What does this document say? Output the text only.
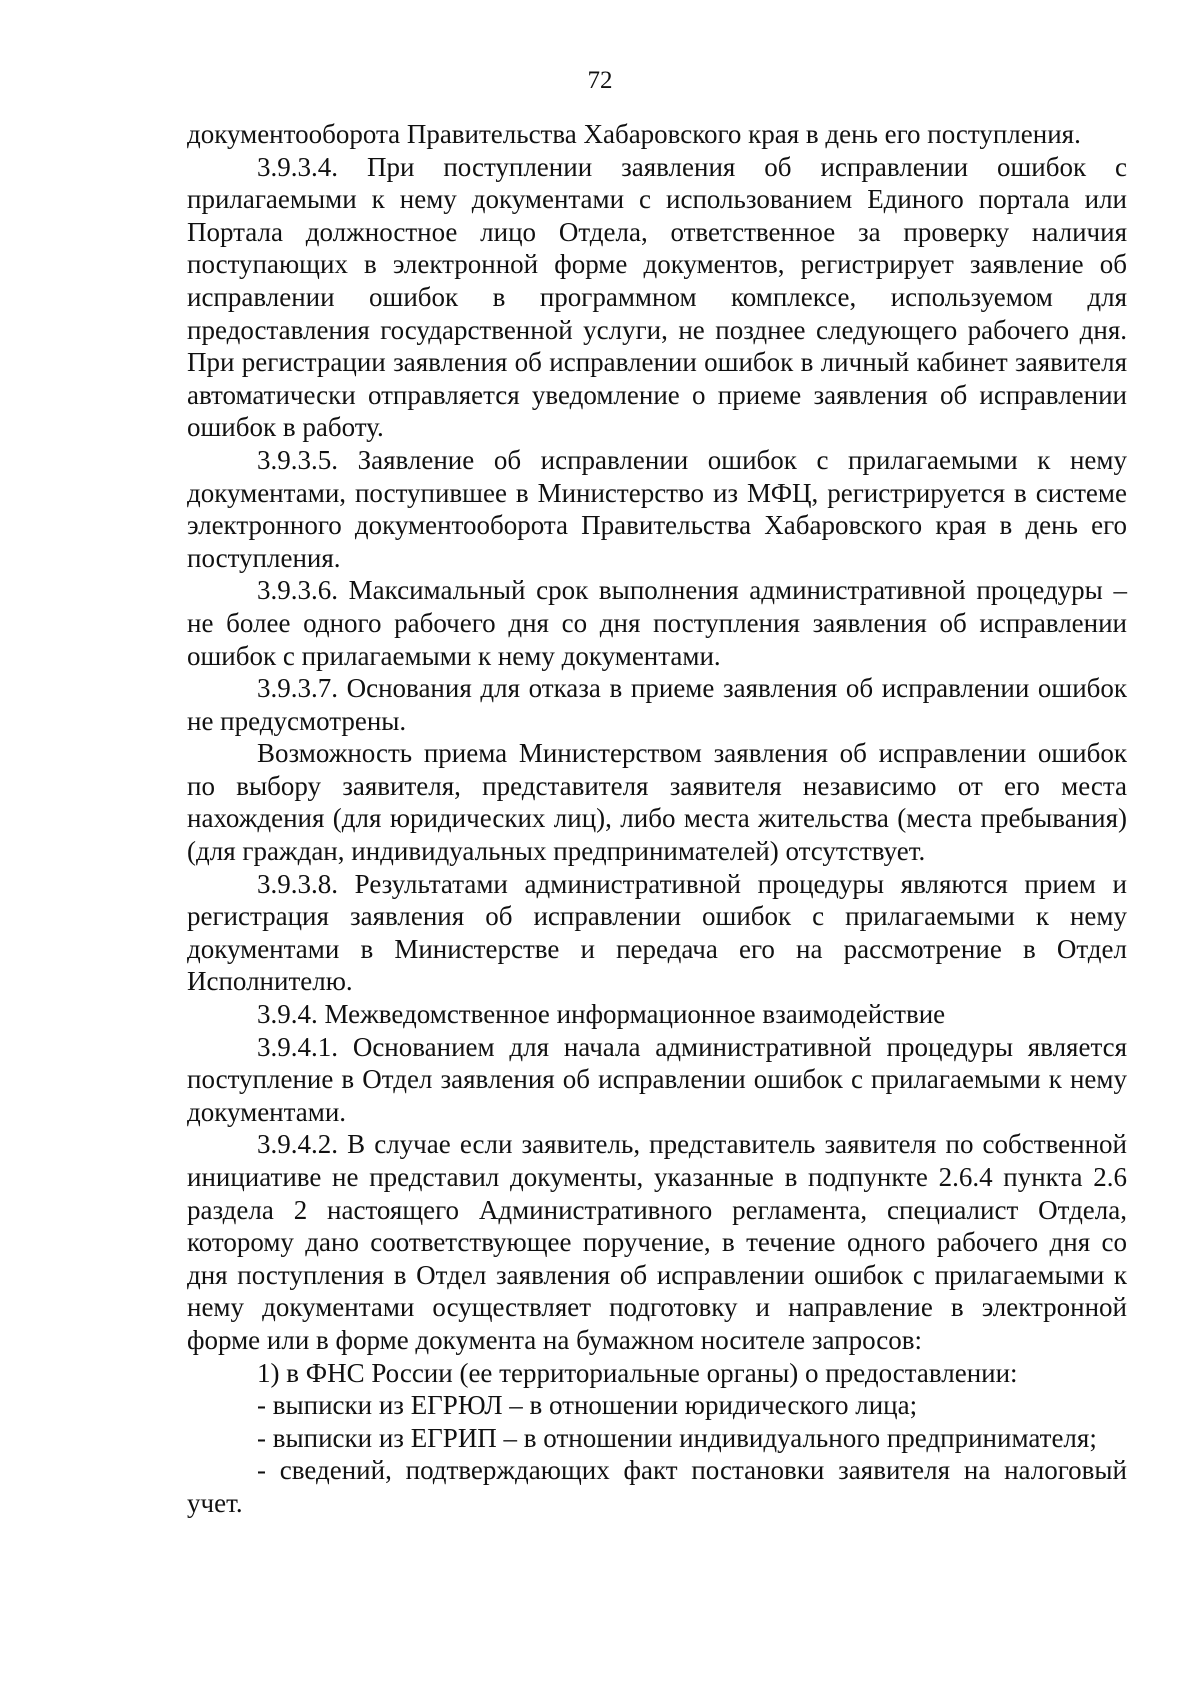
72

документооборота Правительства Хабаровского края в день его поступления.

3.9.3.4. При поступлении заявления об исправлении ошибок с прилагаемыми к нему документами с использованием Единого портала или Портала должностное лицо Отдела, ответственное за проверку наличия поступающих в электронной форме документов, регистрирует заявление об исправлении ошибок в программном комплексе, используемом для предоставления государственной услуги, не позднее следующего рабочего дня. При регистрации заявления об исправлении ошибок в личный кабинет заявителя автоматически отправляется уведомление о приеме заявления об исправлении ошибок в работу.

3.9.3.5. Заявление об исправлении ошибок с прилагаемыми к нему документами, поступившее в Министерство из МФЦ, регистрируется в системе электронного документооборота Правительства Хабаровского края в день его поступления.

3.9.3.6. Максимальный срок выполнения административной процедуры – не более одного рабочего дня со дня поступления заявления об исправлении ошибок с прилагаемыми к нему документами.

3.9.3.7. Основания для отказа в приеме заявления об исправлении ошибок не предусмотрены.

Возможность приема Министерством заявления об исправлении ошибок по выбору заявителя, представителя заявителя независимо от его места нахождения (для юридических лиц), либо места жительства (места пребывания) (для граждан, индивидуальных предпринимателей) отсутствует.

3.9.3.8. Результатами административной процедуры являются прием и регистрация заявления об исправлении ошибок с прилагаемыми к нему документами в Министерстве и передача его на рассмотрение в Отдел Исполнителю.

3.9.4. Межведомственное информационное взаимодействие

3.9.4.1. Основанием для начала административной процедуры является поступление в Отдел заявления об исправлении ошибок с прилагаемыми к нему документами.

3.9.4.2. В случае если заявитель, представитель заявителя по собственной инициативе не представил документы, указанные в подпункте 2.6.4 пункта 2.6 раздела 2 настоящего Административного регламента, специалист Отдела, которому дано соответствующее поручение, в течение одного рабочего дня со дня поступления в Отдел заявления об исправлении ошибок с прилагаемыми к нему документами осуществляет подготовку и направление в электронной форме или в форме документа на бумажном носителе запросов:

1) в ФНС России (ее территориальные органы) о предоставлении:

- выписки из ЕГРЮЛ – в отношении юридического лица;

- выписки из ЕГРИП – в отношении индивидуального предпринимателя;

- сведений, подтверждающих факт постановки заявителя на налоговый учет.
